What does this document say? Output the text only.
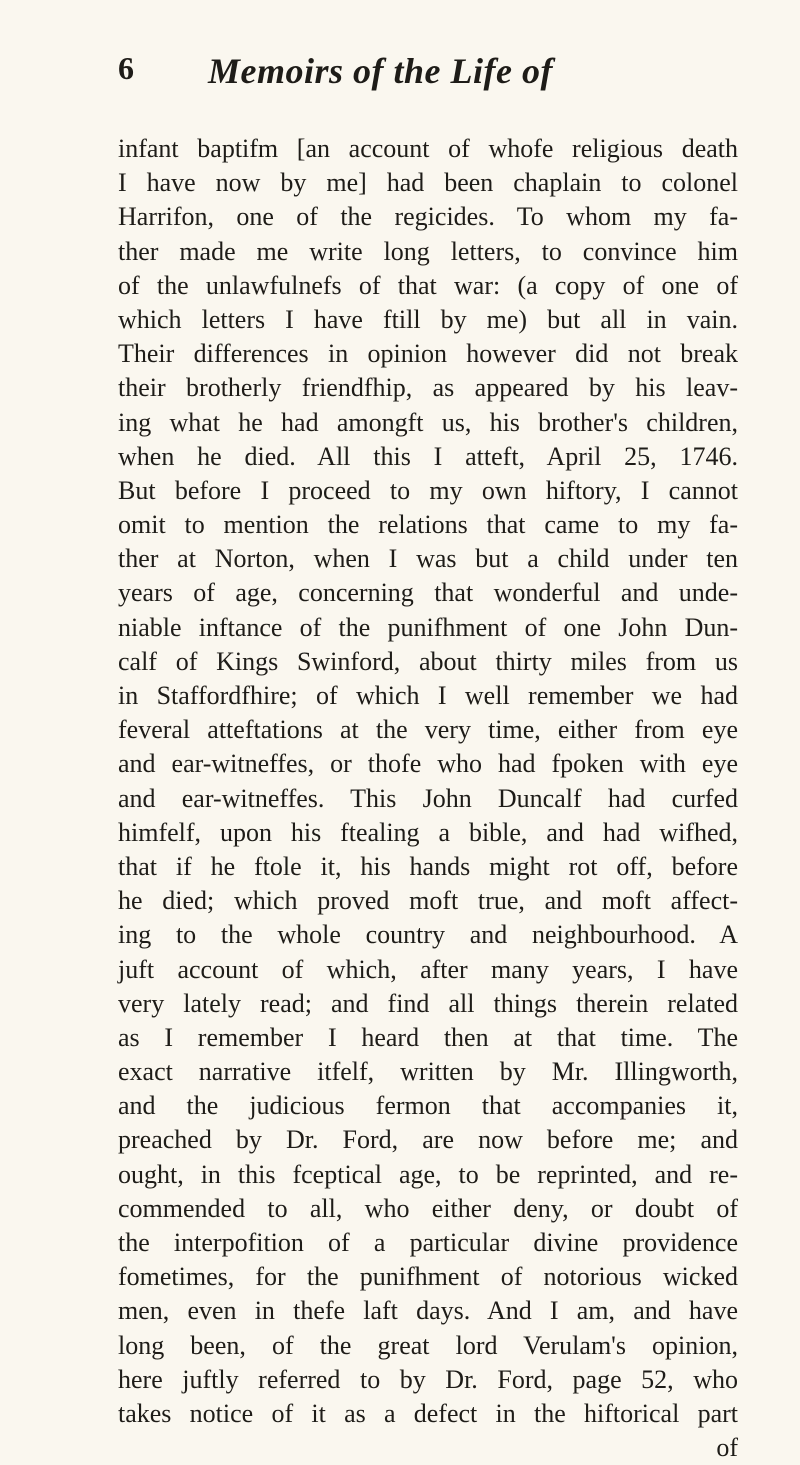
6 Memoirs of the Life of
infant baptifm [an account of whofe religious death
I have now by me] had been chaplain to colonel
Harrifon, one of the regicides. To whom my fa-
ther made me write long letters, to convince him
of the unlawfulnefs of that war: (a copy of one of
which letters I have ftill by me) but all in vain.
Their differences in opinion however did not break
their brotherly friendfhip, as appeared by his leav-
ing what he had amongft us, his brother's children,
when he died. All this I atteft, April 25, 1746.
But before I proceed to my own hiftory, I cannot
omit to mention the relations that came to my fa-
ther at Norton, when I was but a child under ten
years of age, concerning that wonderful and unde-
niable inftance of the punifhment of one John Dun-
calf of Kings Swinford, about thirty miles from us
in Staffordfhire; of which I well remember we had
feveral atteftations at the very time, either from eye
and ear-witneffes, or thofe who had fpoken with eye
and ear-witneffes. This John Duncalf had curfed
himfelf, upon his ftealing a bible, and had wifhed,
that if he ftole it, his hands might rot off, before
he died; which proved moft true, and moft affect-
ing to the whole country and neighbourhood. A
juft account of which, after many years, I have
very lately read; and find all things therein related
as I remember I heard then at that time. The
exact narrative itfelf, written by Mr. Illingworth,
and the judicious fermon that accompanies it,
preached by Dr. Ford, are now before me; and
ought, in this fceptical age, to be reprinted, and re-
commended to all, who either deny, or doubt of
the interpofition of a particular divine providence
fometimes, for the punifhment of notorious wicked
men, even in thefe laft days. And I am, and have
long been, of the great lord Verulam's opinion,
here juftly referred to by Dr. Ford, page 52, who
takes notice of it as a defect in the hiftorical part
of
